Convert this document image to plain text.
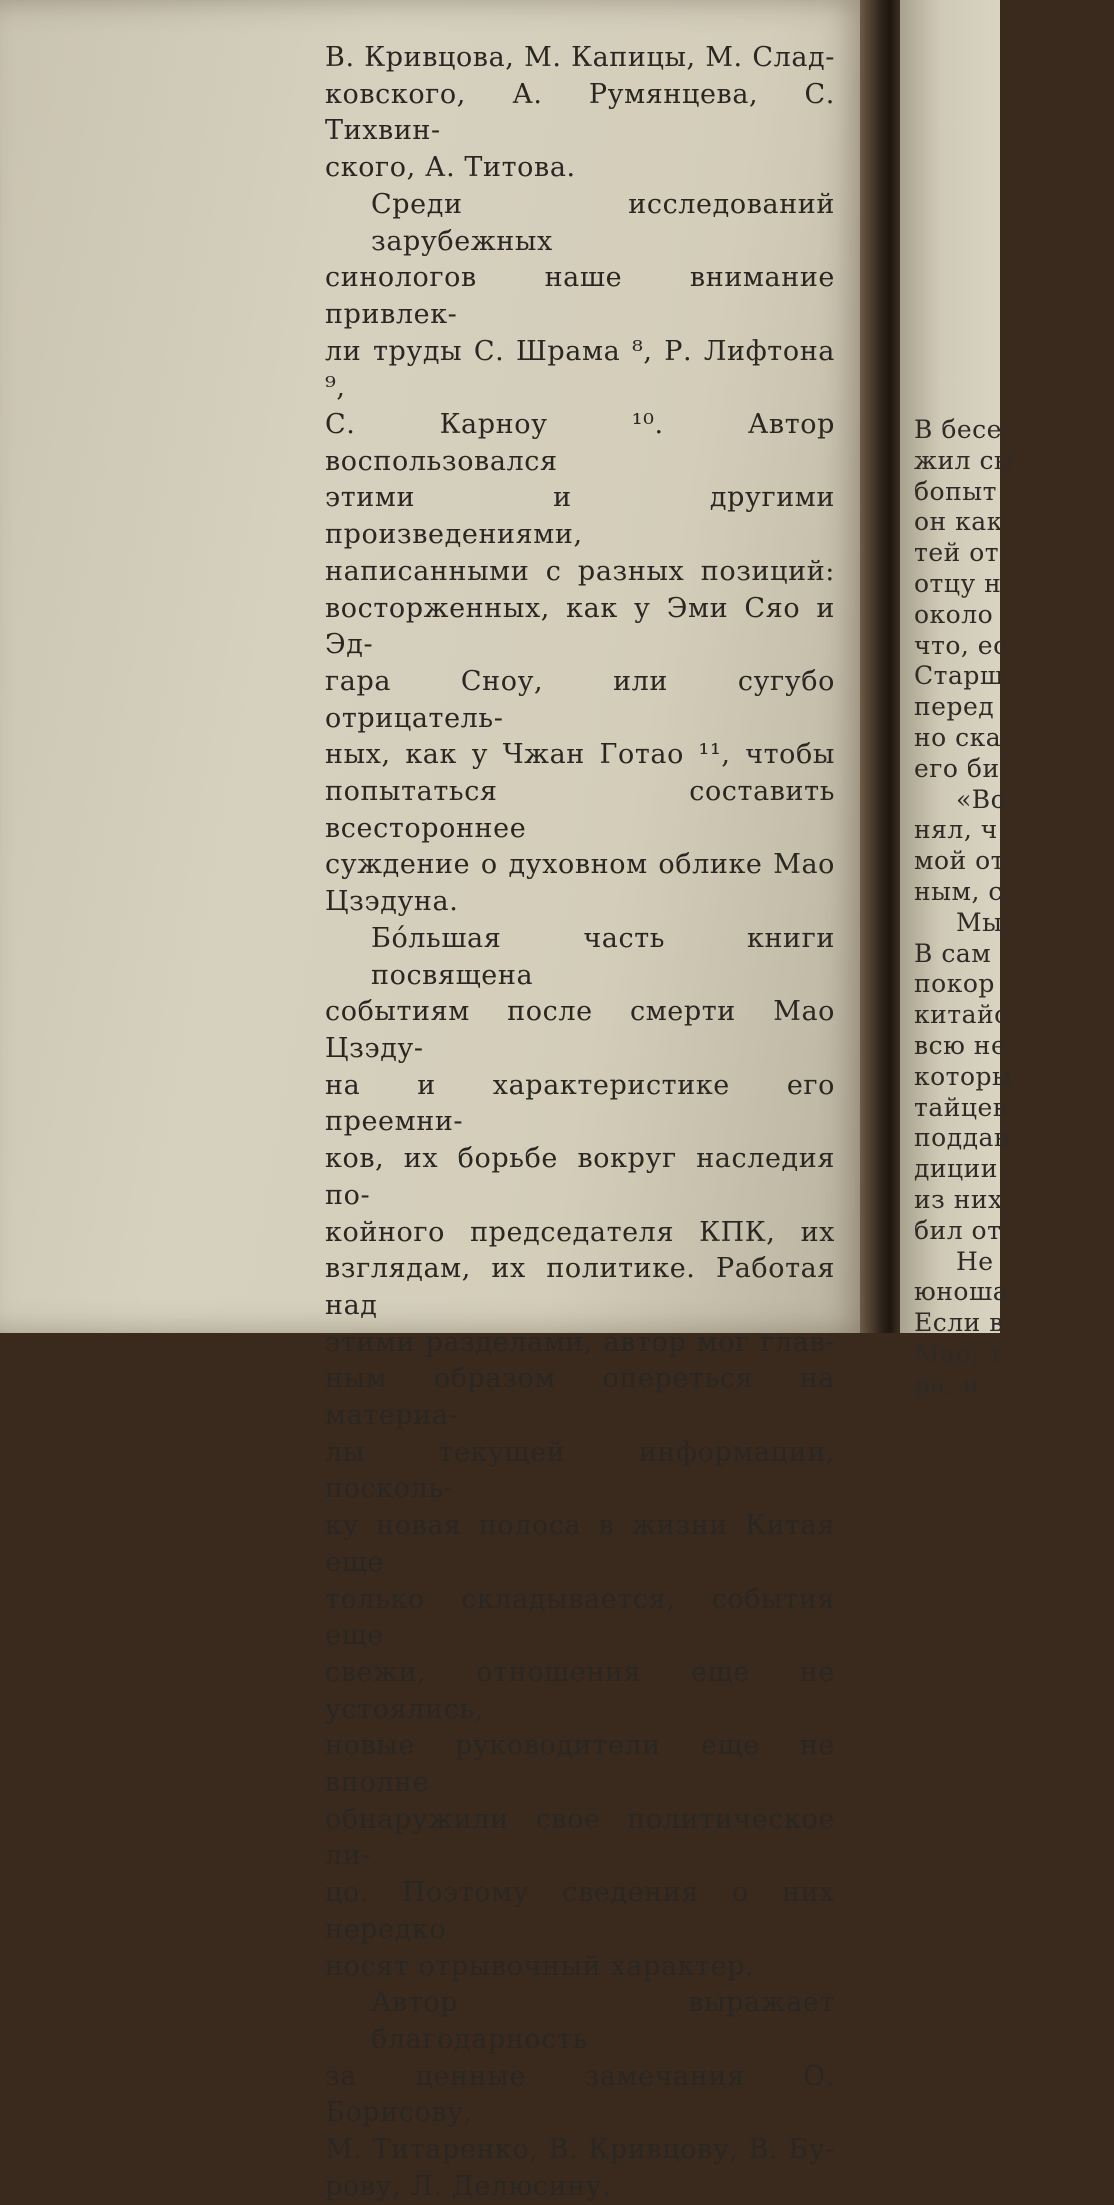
В бесе
жил сы
бопыт
он как
тей от
отцу н
около
что, ес
Старш
перед
но ска
его би
«Во
нял, ч
мой от
ным, с
Мы
В сам
покор
китайс
всю не
которы
тайцев
поддан
диции
из них
бил от
Не
юноша
Если в
Мао, т
ра, и
В. Кривцова, М. Капицы, М. Слад-
ковского, А. Румянцева, С. Тихвин-
ского, А. Титова.
Среди исследований зарубежных
синологов наше внимание привлек-
ли труды С. Шрама ⁸, Р. Лифтона ⁹,
С. Карноу ¹⁰. Автор воспользовался
этими и другими произведениями,
написанными с разных позиций:
восторженных, как у Эми Сяо и Эд-
гара Сноу, или сугубо отрицатель-
ных, как у Чжан Готао ¹¹, чтобы
попытаться составить всестороннее
суждение о духовном облике Мао
Цзэдуна.
Бóльшая часть книги посвящена
событиям после смерти Мао Цзэду-
на и характеристике его преемни-
ков, их борьбе вокруг наследия по-
койного председателя КПК, их
взглядам, их политике. Работая над
этими разделами, автор мог глав-
ным образом опереться на материа-
лы текущей информации, посколь-
ку новая полоса в жизни Китая еще
только складывается, события еще
свежи, отношения еще не устоялись,
новые руководители еще не вполне
обнаружили свое политическое ли-
цо. Поэтому сведения о них нередко
носят отрывочный характер.
Автор выражает благодарность
за ценные замечания О. Борисову,
М. Титаренко, В. Кривцову, В. Бу-
рову, Л. Делюсину.
